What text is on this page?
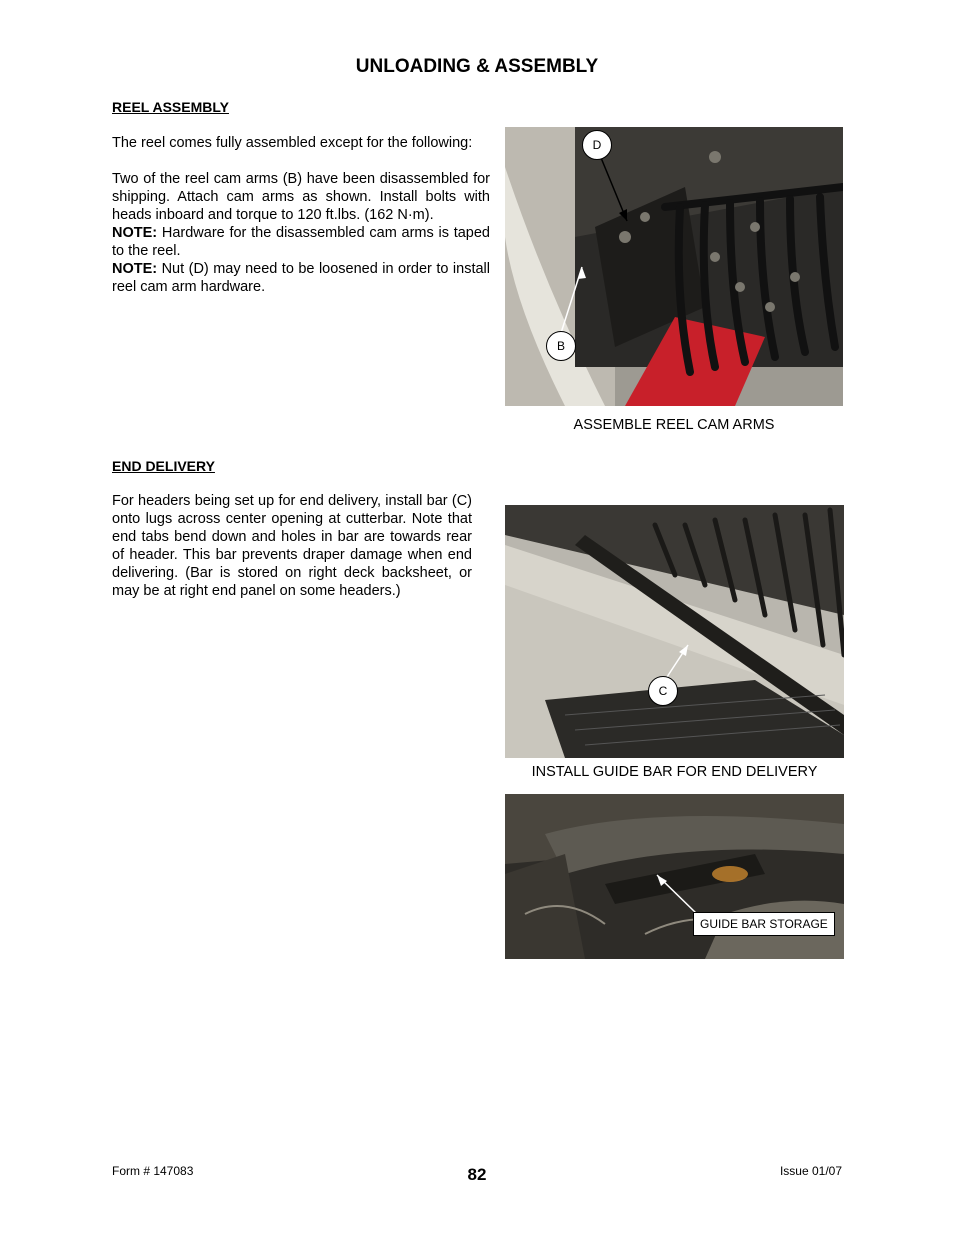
UNLOADING & ASSEMBLY
REEL ASSEMBLY

The reel comes fully assembled except for the following:

Two of the reel cam arms (B) have been disassembled for shipping. Attach cam arms as shown. Install bolts with heads inboard and torque to 120 ft.lbs. (162 N·m).

NOTE: Hardware for the disassembled cam arms is taped to the reel.

NOTE: Nut (D) may need to be loosened in order to install reel cam arm hardware.

D
B
ASSEMBLE REEL CAM ARMS
END DELIVERY

For headers being set up for end delivery, install bar (C) onto lugs across center opening at cutterbar. Note that end tabs bend down and holes in bar are towards rear of header. This bar prevents draper damage when end delivering. (Bar is stored on right deck backsheet, or may be at right end panel on some headers.)

C
INSTALL GUIDE BAR FOR END DELIVERY
GUIDE BAR STORAGE
Form # 147083	82	Issue 01/07
